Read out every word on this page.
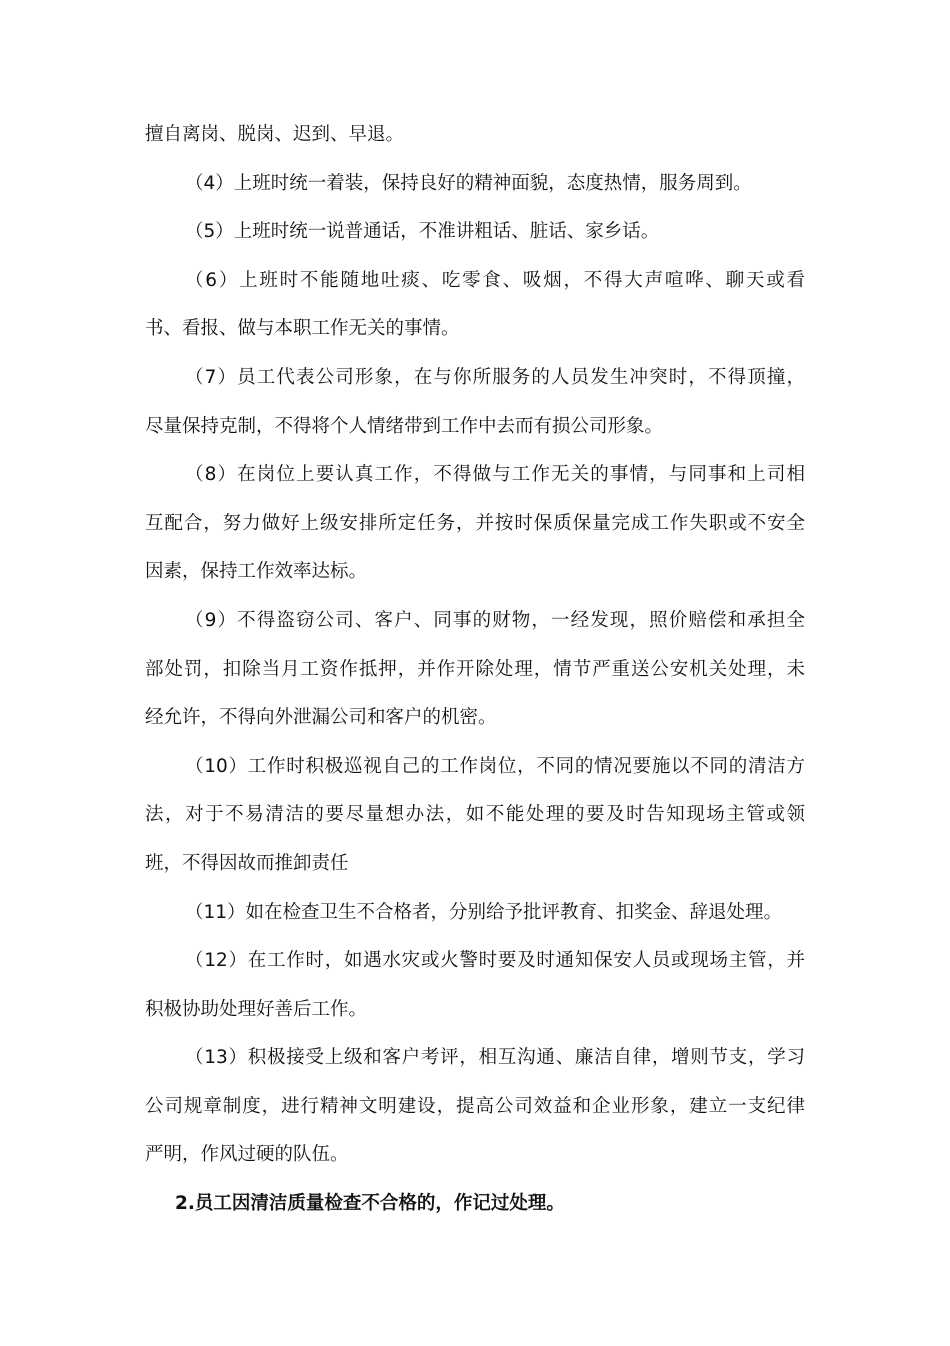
擅自离岗、脱岗、迟到、早退。
（4）上班时统一着装，保持良好的精神面貌，态度热情，服务周到。
（5）上班时统一说普通话，不准讲粗话、脏话、家乡话。
（6）上班时不能随地吐痰、吃零食、吸烟，不得大声喧哗、聊天或看
书、看报、做与本职工作无关的事情。
（7）员工代表公司形象，在与你所服务的人员发生冲突时，不得顶撞，
尽量保持克制，不得将个人情绪带到工作中去而有损公司形象。
（8）在岗位上要认真工作，不得做与工作无关的事情，与同事和上司相
互配合，努力做好上级安排所定任务，并按时保质保量完成工作失职或不安全
因素，保持工作效率达标。
（9）不得盗窃公司、客户、同事的财物，一经发现，照价赔偿和承担全
部处罚，扣除当月工资作抵押，并作开除处理，情节严重送公安机关处理，未
经允许，不得向外泄漏公司和客户的机密。
（10）工作时积极巡视自己的工作岗位，不同的情况要施以不同的清洁方
法，对于不易清洁的要尽量想办法，如不能处理的要及时告知现场主管或领
班，不得因故而推卸责任
（11）如在检查卫生不合格者，分别给予批评教育、扣奖金、辞退处理。
（12）在工作时，如遇水灾或火警时要及时通知保安人员或现场主管，并
积极协助处理好善后工作。
（13）积极接受上级和客户考评，相互沟通、廉洁自律，增则节支，学习
公司规章制度，进行精神文明建设，提高公司效益和企业形象，建立一支纪律
严明，作风过硬的队伍。
2.员工因清洁质量检查不合格的，作记过处理。
